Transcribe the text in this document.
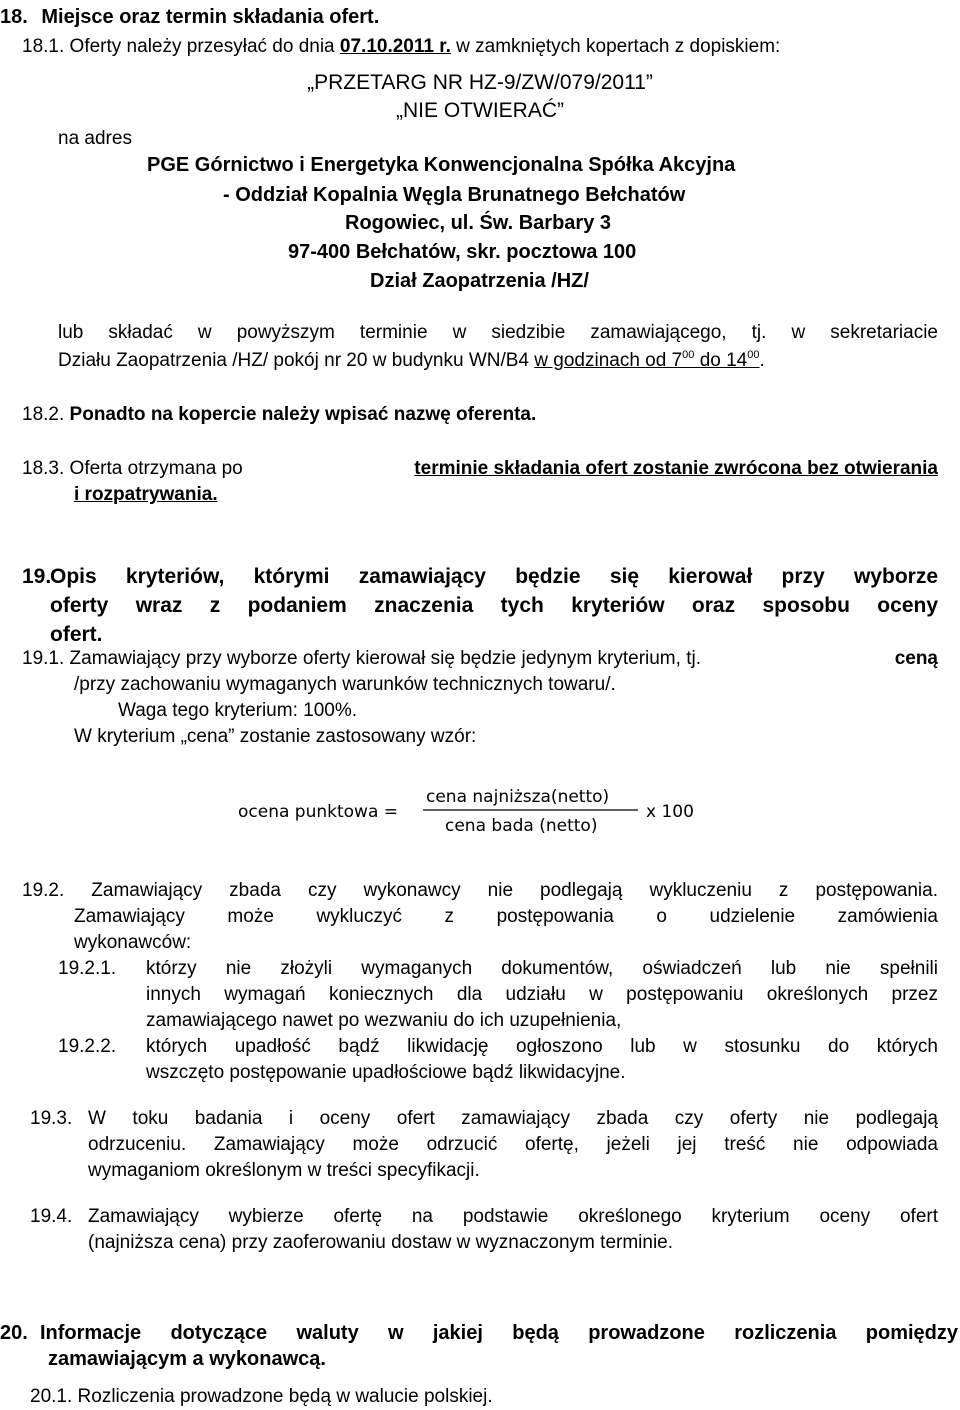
18. Miejsce oraz termin składania ofert.
18.1. Oferty należy przesyłać do dnia 07.10.2011 r. w zamkniętych kopertach z dopiskiem:
„PRZETARG NR HZ-9/ZW/079/2011”
„NIE OTWIERAĆ”
na adres
PGE Górnictwo i Energetyka Konwencjonalna Spółka Akcyjna
- Oddział Kopalnia Węgla Brunatnego Bełchatów
Rogowiec, ul. Św. Barbary 3
97-400 Bełchatów, skr. pocztowa 100
Dział Zaopatrzenia /HZ/
lub składać w powyższym terminie w siedzibie zamawiającego, tj. w sekretariacie
Działu Zaopatrzenia /HZ/ pokój nr 20 w budynku WN/B4 w godzinach od $7^{00}$ do $14^{00}$.
18.2. Ponadto na kopercie należy wpisać nazwę oferenta.
18.3. Oferta otrzymana po	terminie składania ofert zostanie zwrócona bez otwierania
i rozpatrywania.
19.
Opis kryteriów, którymi zamawiający będzie się kierował przy wyborze
oferty wraz z podaniem znaczenia tych kryteriów oraz sposobu oceny
ofert.
19.1. Zamawiający przy wyborze oferty kierował się będzie jedynym kryterium, tj.	ceną
/przy zachowaniu wymaganych warunków technicznych towaru/.
Waga tego kryterium: 100%.
W kryterium „cena” zostanie zastosowany wzór:
ocena punktowa =
cena najniższa(netto)
cena bada (netto)
x 100
19.2. Zamawiający zbada czy wykonawcy nie podlegają wykluczeniu z postępowania.
Zamawiający może wykluczyć z postępowania o udzielenie zamówienia
wykonawców:
19.2.1.	którzy nie złożyli wymaganych dokumentów, oświadczeń lub nie spełnili
innych wymagań koniecznych dla udziału w postępowaniu określonych przez
zamawiającego nawet po wezwaniu do ich uzupełnienia,
19.2.2.	których upadłość bądź likwidację ogłoszono lub w stosunku do których
wszczęto postępowanie upadłościowe bądź likwidacyjne.
19.3. W toku badania i oceny ofert zamawiający zbada czy oferty nie podlegają
odrzuceniu. Zamawiający może odrzucić ofertę, jeżeli jej treść nie odpowiada
wymaganiom określonym w treści specyfikacji.
19.4. Zamawiający wybierze ofertę na podstawie określonego kryterium oceny ofert
(najniższa cena) przy zaoferowaniu dostaw w wyznaczonym terminie.
20. Informacje dotyczące waluty w jakiej będą prowadzone rozliczenia pomiędzy
zamawiającym a wykonawcą.
20.1. Rozliczenia prowadzone będą w walucie polskiej.
